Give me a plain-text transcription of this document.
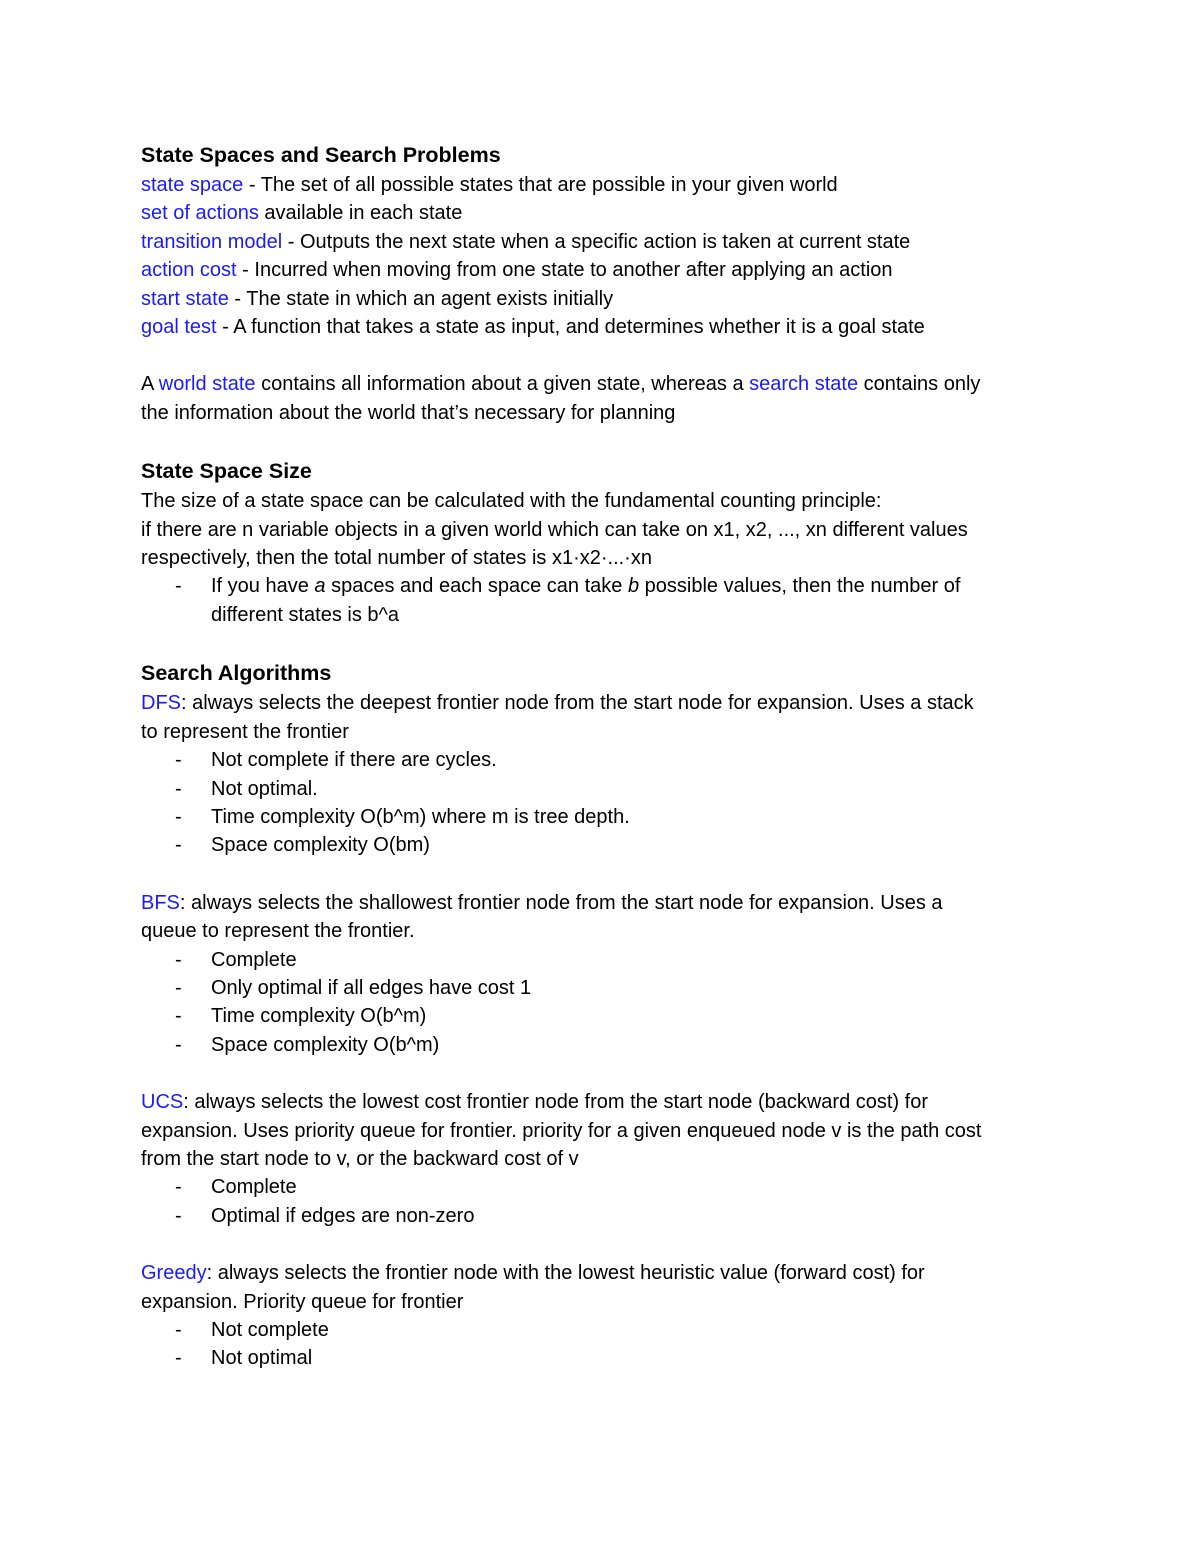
State Spaces and Search Problems

state space - The set of all possible states that are possible in your given world

set of actions available in each state

transition model - Outputs the next state when a specific action is taken at current state

action cost - Incurred when moving from one state to another after applying an action

start state - The state in which an agent exists initially

goal test - A function that takes a state as input, and determines whether it is a goal state

A world state contains all information about a given state, whereas a search state contains only

the information about the world that’s necessary for planning

State Space Size

The size of a state space can be calculated with the fundamental counting principle:

if there are n variable objects in a given world which can take on x1, x2, ..., xn different values

respectively, then the total number of states is x1·x2·...·xn

- If you have a spaces and each space can take b possible values, then the number of
different states is b^a
Search Algorithms

DFS: always selects the deepest frontier node from the start node for expansion. Uses a stack

to represent the frontier

- Not complete if there are cycles.
- Not optimal.
- Time complexity O(b^m) where m is tree depth.
- Space complexity O(bm)

BFS: always selects the shallowest frontier node from the start node for expansion. Uses a

queue to represent the frontier.

- Complete
- Only optimal if all edges have cost 1
- Time complexity O(b^m)
- Space complexity O(b^m)

UCS: always selects the lowest cost frontier node from the start node (backward cost) for

expansion. Uses priority queue for frontier. priority for a given enqueued node v is the path cost

from the start node to v, or the backward cost of v

- Complete
- Optimal if edges are non-zero

Greedy: always selects the frontier node with the lowest heuristic value (forward cost) for

expansion. Priority queue for frontier

- Not complete
- Not optimal
